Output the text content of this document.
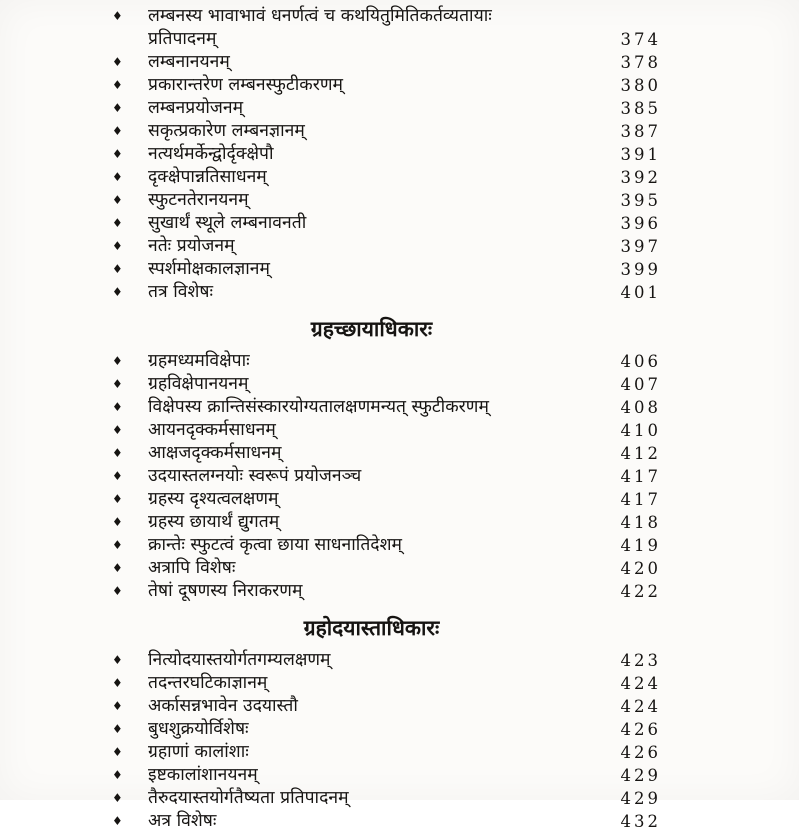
♦	लम्बनस्य भावाभावं धनर्णत्वं च कथयितुमितिकर्तव्यतायाः
प्रतिपादनम्	374
♦	लम्बनानयनम्	378
♦	प्रकारान्तरेण लम्बनस्फुटीकरणम्	380
♦	लम्बनप्रयोजनम्	385
♦	सकृत्प्रकारेण लम्बनज्ञानम्	387
♦	नत्यर्थमर्केन्द्वोर्दृक्क्षेपौ	391
♦	दृक्क्षेपान्नतिसाधनम्	392
♦	स्फुटनतेरानयनम्	395
♦	सुखार्थं स्थूले लम्बनावनती	396
♦	नतेः प्रयोजनम्	397
♦	स्पर्शमोक्षकालज्ञानम्	399
♦	तत्र विशेषः	401
ग्रहच्छायाधिकारः
♦	ग्रहमध्यमविक्षेपाः	406
♦	ग्रहविक्षेपानयनम्	407
♦	विक्षेपस्य क्रान्तिसंस्कारयोग्यतालक्षणमन्यत् स्फुटीकरणम्	408
♦	आयनदृक्कर्मसाधनम्	410
♦	आक्षजदृक्कर्मसाधनम्	412
♦	उदयास्तलग्नयोः स्वरूपं प्रयोजनञ्च	417
♦	ग्रहस्य दृश्यत्वलक्षणम्	417
♦	ग्रहस्य छायार्थं द्युगतम्	418
♦	क्रान्तेः स्फुटत्वं कृत्वा छाया साधनातिदेशम्	419
♦	अत्रापि विशेषः	420
♦	तेषां दूषणस्य निराकरणम्	422
ग्रहोदयास्ताधिकारः
♦	नित्योदयास्तयोर्गतगम्यलक्षणम्	423
♦	तदन्तरघटिकाज्ञानम्	424
♦	अर्कासन्नभावेन उदयास्तौ	424
♦	बुधशुक्रयोर्विशेषः	426
♦	ग्रहाणां कालांशाः	426
♦	इष्टकालांशानयनम्	429
♦	तैरुदयास्तयोर्गतैष्यता प्रतिपादनम्	429
♦	अत्र विशेषः	432
